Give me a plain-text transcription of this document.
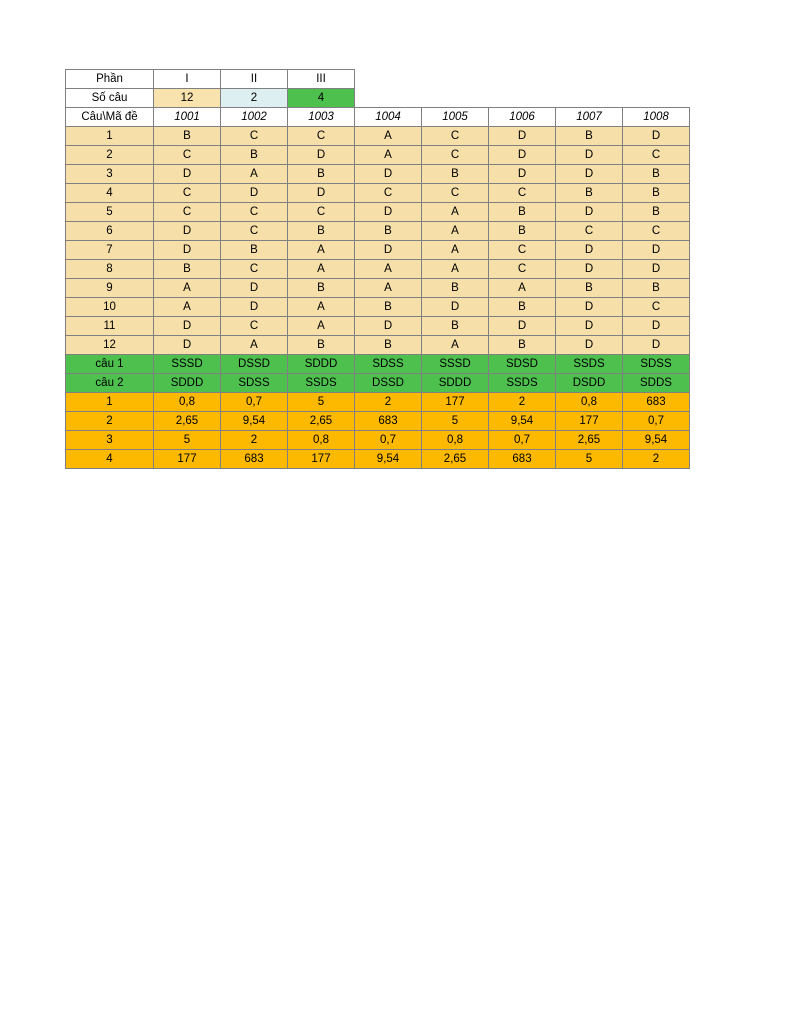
Phần	I	II	III					
Số câu	12	2	4					
Câu\Mã đề	1001	1002	1003	1004	1005	1006	1007	1008
1	B	C	C	A	C	D	B	D
2	C	B	D	A	C	D	D	C
3	D	A	B	D	B	D	D	B
4	C	D	D	C	C	C	B	B
5	C	C	C	D	A	B	D	B
6	D	C	B	B	A	B	C	C
7	D	B	A	D	A	C	D	D
8	B	C	A	A	A	C	D	D
9	A	D	B	A	B	A	B	B
10	A	D	A	B	D	B	D	C
11	D	C	A	D	B	D	D	D
12	D	A	B	B	A	B	D	D
câu 1	SSSD	DSSD	SDDD	SDSS	SSSD	SDSD	SSDS	SDSS
câu 2	SDDD	SDSS	SSDS	DSSD	SDDD	SSDS	DSDD	SDDS
1	0,8	0,7	5	2	177	2	0,8	683
2	2,65	9,54	2,65	683	5	9,54	177	0,7
3	5	2	0,8	0,7	0,8	0,7	2,65	9,54
4	177	683	177	9,54	2,65	683	5	2
